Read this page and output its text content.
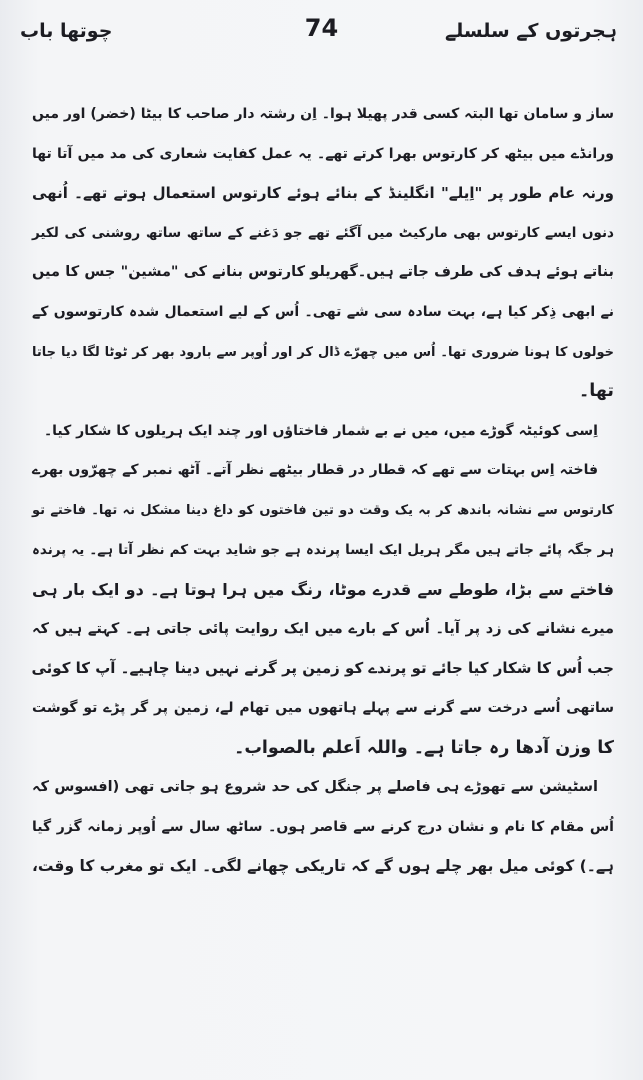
ہجرتوں کے سلسلے
74
چوتھا باب
ساز و سامان تھا البتہ کسی قدر پھیلا ہوا۔ اِن رشتہ دار صاحب کا بیٹا (خضر) اور میں
ورانڈے میں بیٹھ کر کارتوس بھرا کرتے تھے۔ یہ عمل کفایت شعاری کی مد میں آتا تھا
ورنہ عام طور پر "اِیلے" انگلینڈ کے بنائے ہوئے کارتوس استعمال ہوتے تھے۔ اُنھی
دنوں ایسے کارتوس بھی مارکیٹ میں آگئے تھے جو دَغنے کے ساتھ ساتھ روشنی کی لکیر
بناتے ہوئے ہدف کی طرف جاتے ہیں۔گھریلو کارتوس بنانے کی "مشین" جس کا میں
نے ابھی ذِکر کیا ہے، بہت سادہ سی شے تھی۔ اُس کے لیے استعمال شدہ کارتوسوں کے
خولوں کا ہونا ضروری تھا۔ اُس میں چھرّے ڈال کر اور اُوپر سے بارود بھر کر ٹوٹا لگا دیا جاتا
تھا۔
اِسی کوئیٹہ گوڑے میں، میں نے بے شمار فاختاؤں اور چند ایک ہریلوں کا شکار کیا۔
فاختہ اِس بہتات سے تھے کہ قطار در قطار بیٹھے نظر آتے۔ آٹھ نمبر کے چھرّوں بھرے
کارتوس سے نشانہ باندھ کر بہ یک وقت دو تین فاختوں کو داغ دینا مشکل نہ تھا۔ فاختے تو
ہر جگہ پائے جاتے ہیں مگر ہریل ایک ایسا پرندہ ہے جو شاید بہت کم نظر آتا ہے۔ یہ پرندہ
فاختے سے بڑا، طوطے سے قدرے موٹا، رنگ میں ہرا ہوتا ہے۔ دو ایک بار ہی
میرے نشانے کی زد پر آیا۔ اُس کے بارے میں ایک روایت پائی جاتی ہے۔ کہتے ہیں کہ
جب اُس کا شکار کیا جائے تو پرندے کو زمین پر گرنے نہیں دینا چاہیے۔ آپ کا کوئی
ساتھی اُسے درخت سے گرنے سے پہلے ہاتھوں میں تھام لے، زمین پر گر پڑے تو گوشت
کا وزن آدھا رہ جاتا ہے۔ واللہ اَعلم بالصواب۔
اسٹیشن سے تھوڑے ہی فاصلے پر جنگل کی حد شروع ہو جاتی تھی (افسوس کہ
اُس مقام کا نام و نشان درج کرنے سے قاصر ہوں۔ ساٹھ سال سے اُوپر زمانہ گزر گیا
ہے۔) کوئی میل بھر چلے ہوں گے کہ تاریکی چھانے لگی۔ ایک تو مغرب کا وقت،
